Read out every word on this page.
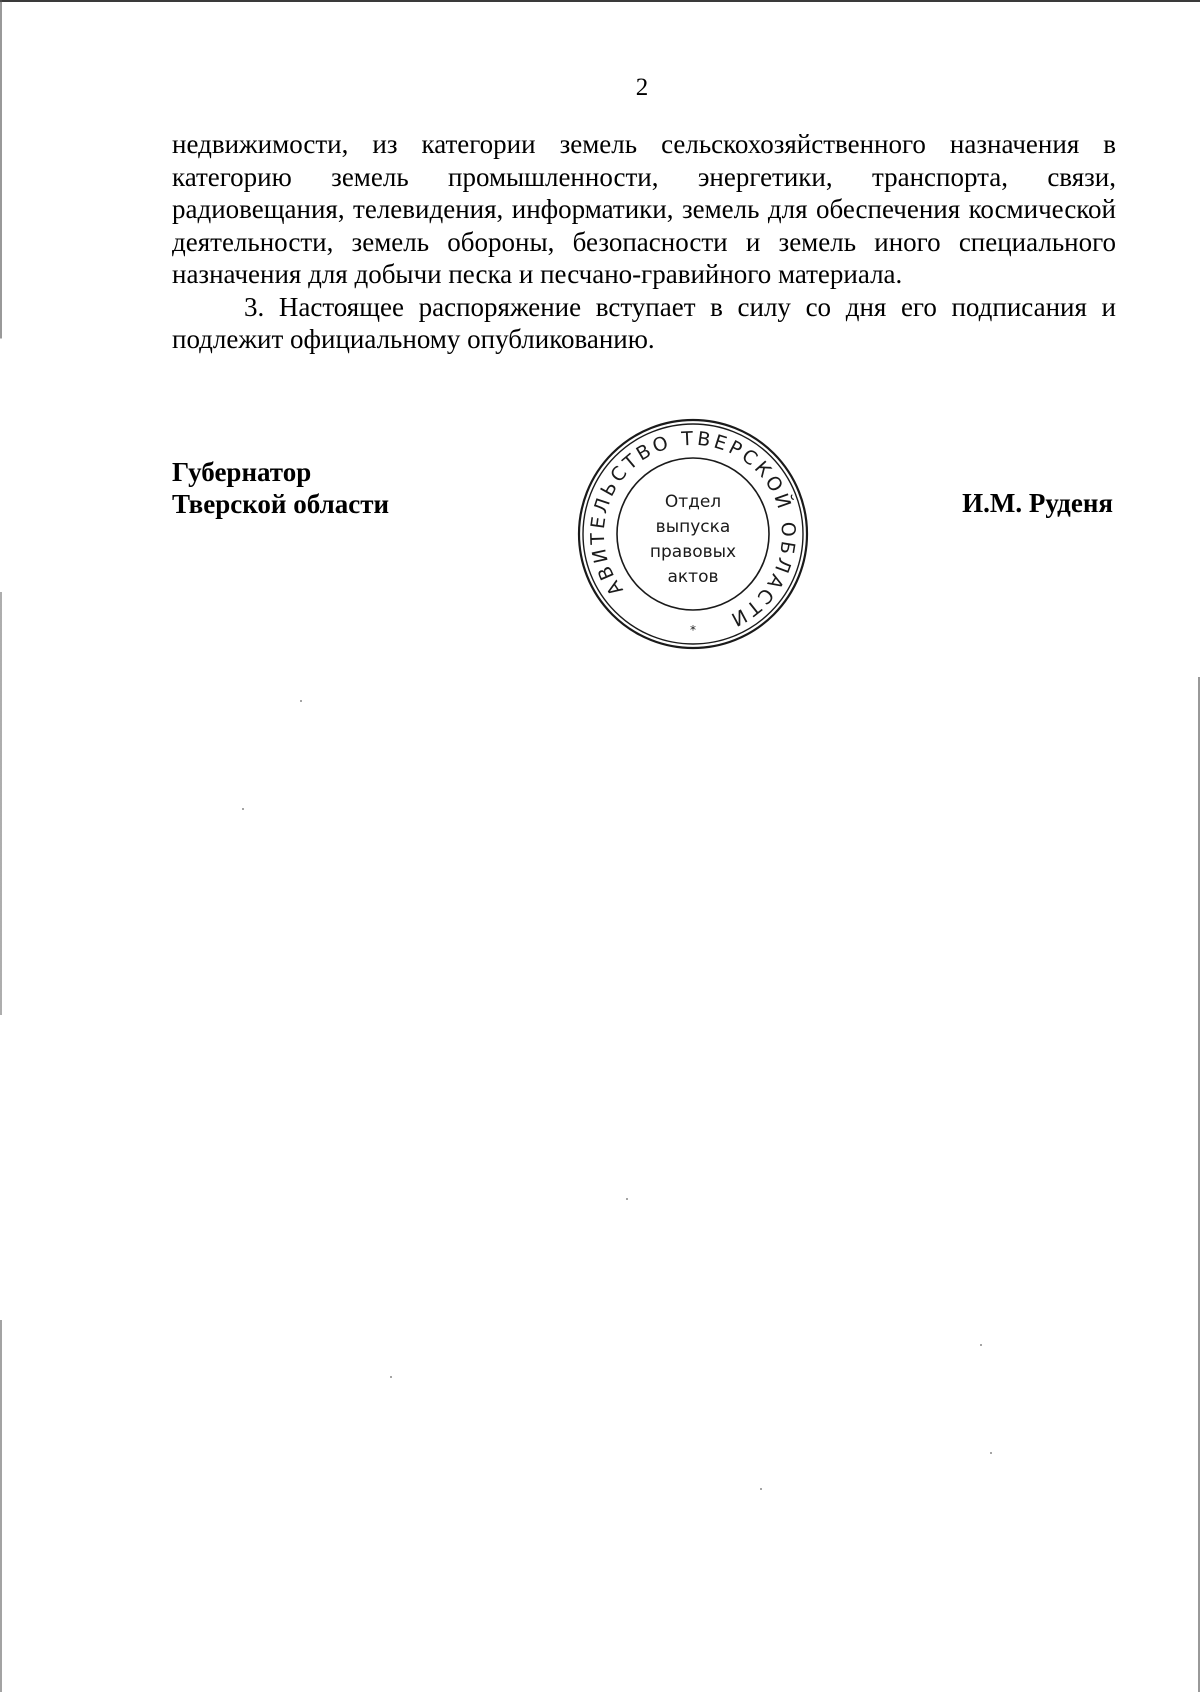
2

недвижимости, из категории земель сельскохозяйственного назначения в категорию земель промышленности, энергетики, транспорта, связи, радиовещания, телевидения, информатики, земель для обеспечения космической деятельности, земель обороны, безопасности и земель иного специального назначения для добычи песка и песчано-гравийного материала.

3. Настоящее распоряжение вступает в силу со дня его подписания и подлежит официальному опубликованию.

Губернатор
Тверской области	И.М. Руденя
ПРАВИТЕЛЬСТВО ТВЕРСКОЙ ОБЛАСТИ
Отдел
выпуска
правовых
актов
*
